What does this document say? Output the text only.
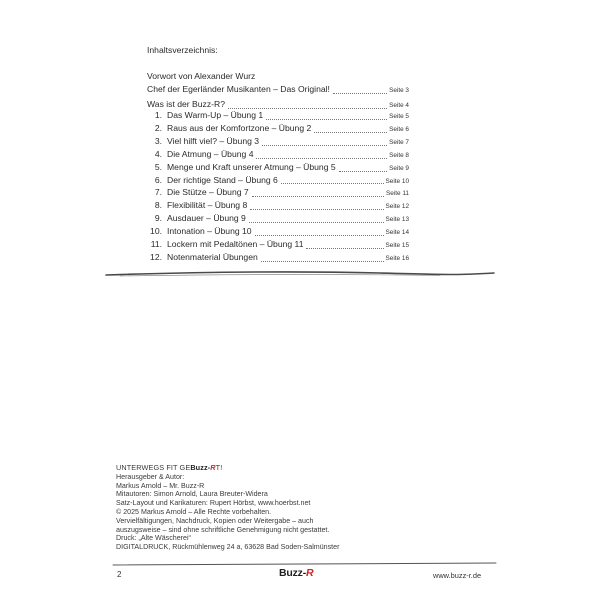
Inhaltsverzeichnis:
Vorwort von Alexander Wurz
Chef der Egerländer Musikanten – Das Original!	Seite 3
Was ist der Buzz-R?	Seite 4
1. Das Warm-Up – Übung 1	Seite 5
2. Raus aus der Komfortzone – Übung 2	Seite 6
3. Viel hilft viel? – Übung 3	Seite 7
4. Die Atmung – Übung 4	Seite 8
5. Menge und Kraft unserer Atmung – Übung 5	Seite 9
6. Der richtige Stand – Übung 6	Seite 10
7. Die Stütze – Übung 7	Seite 11
8. Flexibilität – Übung 8	Seite 12
9. Ausdauer – Übung 9	Seite 13
10. Intonation – Übung 10	Seite 14
11. Lockern mit Pedaltönen – Übung 11	Seite 15
12. Notenmaterial Übungen	Seite 16
UNTERWEGS FIT GEBuzz-RT!
Herausgeber & Autor:
Markus Arnold – Mr. Buzz-R
Mitautoren: Simon Arnold, Laura Breuter-Widera
Satz-Layout und Karikaturen: Rupert Hörbst, www.hoerbst.net
© 2025 Markus Arnold – Alle Rechte vorbehalten.
Vervielfältigungen, Nachdruck, Kopien oder Weitergabe – auch
auszugsweise – sind ohne schriftliche Genehmigung nicht gestattet.
Druck: „Alte Wäscherei“
DIGITALDRUCK, Rückmühlenweg 24 a, 63628 Bad Soden-Salmünster
2	Buzz-R	www.buzz-r.de
